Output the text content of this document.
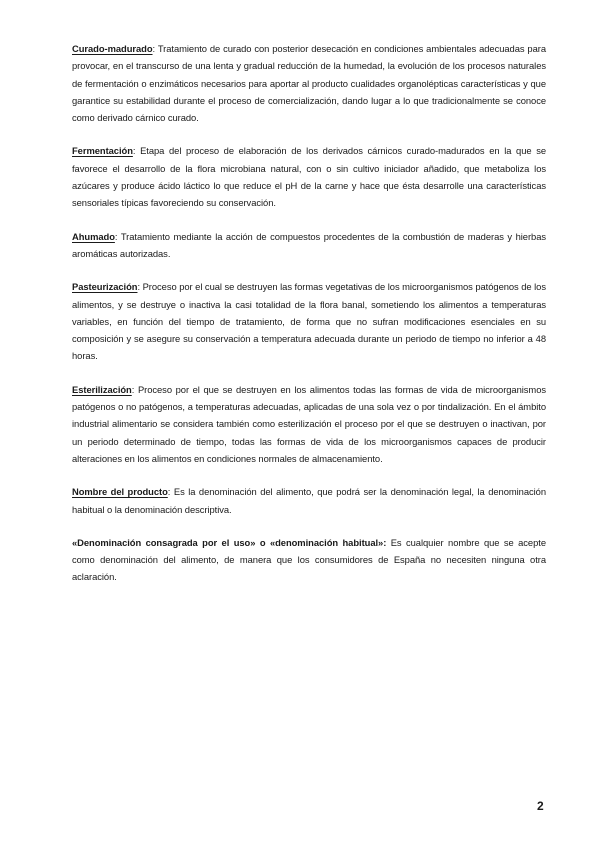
Curado-madurado: Tratamiento de curado con posterior desecación en condiciones ambientales adecuadas para provocar, en el transcurso de una lenta y gradual reducción de la humedad, la evolución de los procesos naturales de fermentación o enzimáticos necesarios para aportar al producto cualidades organolépticas características y que garantice su estabilidad durante el proceso de comercialización, dando lugar a lo que tradicionalmente se conoce como derivado cárnico curado.

Fermentación: Etapa del proceso de elaboración de los derivados cárnicos curado-madurados en la que se favorece el desarrollo de la flora microbiana natural, con o sin cultivo iniciador añadido, que metaboliza los azúcares y produce ácido láctico lo que reduce el pH de la carne y hace que ésta desarrolle una características sensoriales típicas favoreciendo su conservación.

Ahumado: Tratamiento mediante la acción de compuestos procedentes de la combustión de maderas y hierbas aromáticas autorizadas.

Pasteurización: Proceso por el cual se destruyen las formas vegetativas de los microorganismos patógenos de los alimentos, y se destruye o inactiva la casi totalidad de la flora banal, sometiendo los alimentos a temperaturas variables, en función del tiempo de tratamiento, de forma que no sufran modificaciones esenciales en su composición y se asegure su conservación a temperatura adecuada durante un periodo de tiempo no inferior a 48 horas.

Esterilización: Proceso por el que se destruyen en los alimentos todas las formas de vida de microorganismos patógenos o no patógenos, a temperaturas adecuadas, aplicadas de una sola vez o por tindalización. En el ámbito industrial alimentario se considera también como esterilización el proceso por el que se destruyen o inactivan, por un periodo determinado de tiempo, todas las formas de vida de los microorganismos capaces de producir alteraciones en los alimentos en condiciones normales de almacenamiento.

Nombre del producto: Es la denominación del alimento, que podrá ser la denominación legal, la denominación habitual o la denominación descriptiva.

«Denominación consagrada por el uso» o «denominación habitual»: Es cualquier nombre que se acepte como denominación del alimento, de manera que los consumidores de España no necesiten ninguna otra aclaración.

2
